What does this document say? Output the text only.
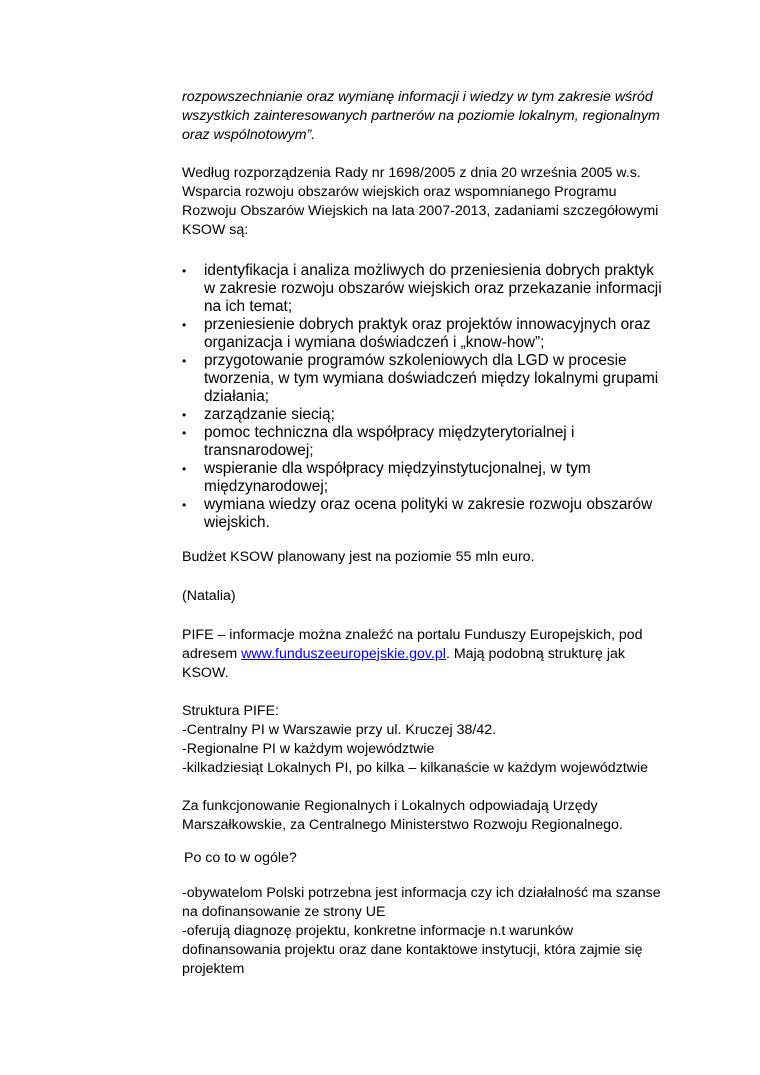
rozpowszechnianie oraz wymianę informacji i wiedzy w tym zakresie wśród

wszystkich zainteresowanych partnerów na poziomie lokalnym, regionalnym

oraz wspólnotowym”.

Według rozporządzenia Rady nr 1698/2005 z dnia 20 września 2005 w.s.

Wsparcia rozwoju obszarów wiejskich oraz wspomnianego Programu

Rozwoju Obszarów Wiejskich na lata 2007-2013, zadaniami szczegółowymi

KSOW są:

• identyfikacja i analiza możliwych do przeniesienia dobrych praktyk
w zakresie rozwoju obszarów wiejskich oraz przekazanie informacji
na ich temat;
• przeniesienie dobrych praktyk oraz projektów innowacyjnych oraz
organizacja i wymiana doświadczeń i „know-how”;
• przygotowanie programów szkoleniowych dla LGD w procesie
tworzenia, w tym wymiana doświadczeń między lokalnymi grupami
działania;
• zarządzanie siecią;
• pomoc techniczna dla współpracy międzyterytorialnej i
transnarodowej;
• wspieranie dla współpracy międzyinstytucjonalnej, w tym
międzynarodowej;
• wymiana wiedzy oraz ocena polityki w zakresie rozwoju obszarów
wiejskich.

Budżet KSOW planowany jest na poziomie 55 mln euro.

(Natalia)

PIFE – informacje można znaleźć na portalu Funduszy Europejskich, pod

adresem www.funduszeeuropejskie.gov.pl. Mają podobną strukturę jak

KSOW.

Struktura PIFE:

-Centralny PI w Warszawie przy ul. Kruczej 38/42.

-Regionalne PI w każdym województwie

-kilkadziesiąt Lokalnych PI, po kilka – kilkanaście w każdym województwie

Za funkcjonowanie Regionalnych i Lokalnych odpowiadają Urzędy

Marszałkowskie, za Centralnego Ministerstwo Rozwoju Regionalnego.

Po co to w ogóle?

-obywatelom Polski potrzebna jest informacja czy ich działalność ma szanse

na dofinansowanie ze strony UE

-oferują diagnozę projektu, konkretne informacje n.t warunków

dofinansowania projektu oraz dane kontaktowe instytucji, która zajmie się

projektem
